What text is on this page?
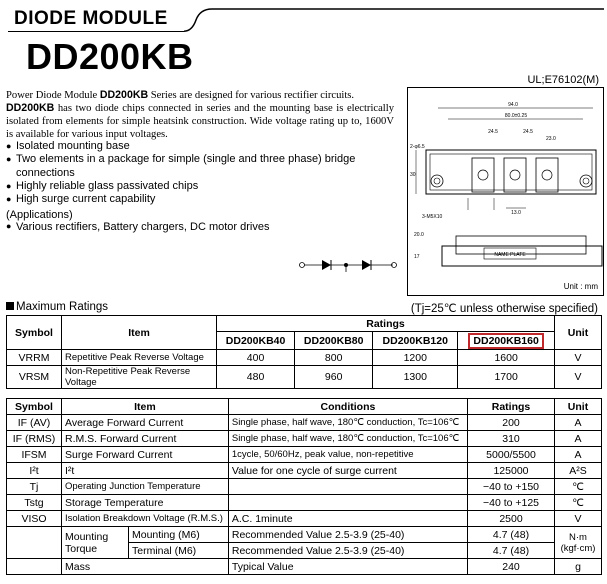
DIODE MODULE
DD200KB
UL;E76102(M)
Power Diode Module DD200KB Series are designed for various rectifier circuits.
DD200KB has two diode chips connected in series and the mounting base is electrically isolated from elements for simple heatsink construction. Wide voltage rating up to, 1600V is available for various input voltages.
● Isolated mounting base
● Two elements in a package for simple (single and three phase) bridge connections
● Highly reliable glass passivated chips
● High surge current capability
(Applications)
● Various rectifiers, Battery chargers, DC motor drives
94.0
80.0±0.25
24.5	24.5
23.0
2-φ6.5
30
3-M5X10
13.0
NAME PLATE
20.0
17
Unit : mm
Maximum Ratings	(Tj=25℃ unless otherwise specified)
Symbol	Item	Ratings				Unit
		DD200KB40	DD200KB80	DD200KB120	DD200KB160	
VRRM	Repetitive Peak Reverse Voltage	400	800	1200	1600	V
VRSM	Non-Repetitive Peak Reverse Voltage	480	960	1300	1700	V
Symbol	Item		Conditions	Ratings	Unit
IF (AV)	Average Forward Current		Single phase, half wave, 180℃ conduction, Tc=106℃	200	A
IF (RMS)	R.M.S. Forward Current		Single phase, half wave, 180℃ conduction, Tc=106℃	310	A
IFSM	Surge Forward Current		1cycle, 50/60Hz, peak value, non-repetitive	5000/5500	A
I²t	I²t		Value for one cycle of surge current	125000	A²S
Tj	Operating Junction Temperature			−40 to +150	℃
Tstg	Storage Temperature			−40 to +125	℃
VISO	Isolation Breakdown Voltage (R.M.S.)		A.C. 1minute	2500	V
	Mounting Torque	Mounting (M6)	Recommended Value 2.5-3.9 (25-40)	4.7 (48)	N·m (kgf·cm)
		Terminal (M6)	Recommended Value 2.5-3.9 (25-40)	4.7 (48)	
	Mass		Typical Value	240	g
